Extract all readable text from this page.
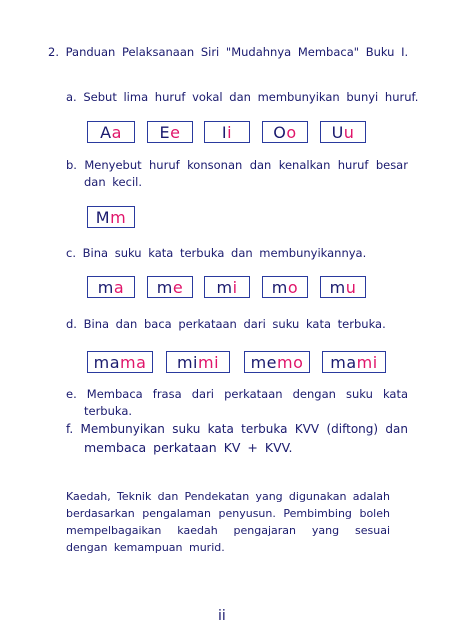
2. Panduan Pelaksanaan Siri "Mudahnya Membaca" Buku I.
a. Sebut lima huruf vokal dan membunyikan bunyi huruf.
A a E e	I i	O o U u
b. Menyebut huruf konsonan dan kenalkan huruf besar
dan kecil.
M m
c. Bina suku kata terbuka dan membunyikannya.
m a m e m i m o m u
d. Bina dan baca perkataan dari suku kata terbuka.
ma ma mi mi me mo ma mi
e. Membaca frasa dari perkataan dengan suku kata
terbuka.
f. Membunyikan suku kata terbuka KVV (diftong) dan
membaca perkataan KV + KVV.
Kaedah, Teknik dan Pendekatan yang digunakan adalah
berdasarkan pengalaman penyusun. Pembimbing boleh
mempelbagaikan kaedah pengajaran yang sesuai
dengan kemampuan murid.
ii
